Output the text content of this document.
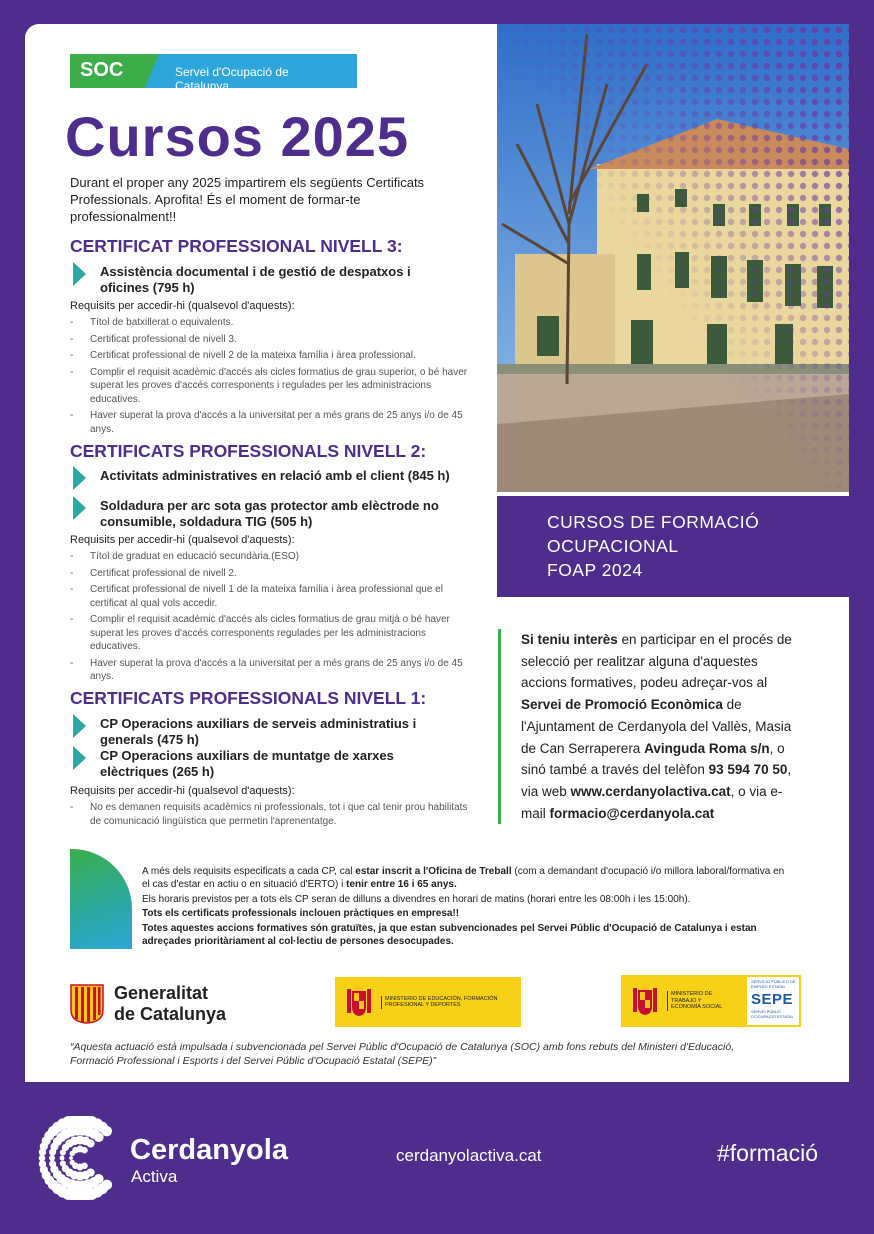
SOC	Servei d'Ocupació de Catalunya
Cursos 2025
Durant el proper any 2025 impartirem els següents Certificats Professionals. Aprofita! És el moment de formar-te professionalment!!
CERTIFICAT PROFESSIONAL NIVELL 3:
Assistència documental i de gestió de despatxos i oficines (795 h)
Requisits per accedir-hi (qualsevol d'aquests):
- Títol de batxillerat o equivalents.
- Certificat professional de nivell 3.
- Certificat professional de nivell 2 de la mateixa família i àrea professional.
- Complir el requisit acadèmic d'accés als cicles formatius de grau superior, o bé haver superat les proves d'accés corresponents i regulades per les administracions educatives.
- Haver superat la prova d'accés a la universitat per a més grans de 25 anys i/o de 45 anys.
CERTIFICATS PROFESSIONALS NIVELL 2:
Activitats administratives en relació amb el client (845 h)
Soldadura per arc sota gas protector amb elèctrode no consumible, soldadura TIG (505 h)
Requisits per accedir-hi (qualsevol d'aquests):
- Títol de graduat en educació secundària.(ESO)
- Certificat professional de nivell 2.
- Certificat professional de nivell 1 de la mateixa família i àrea professional que el certificat al qual vols accedir.
- Complir el requisit acadèmic d'accés als cicles formatius de grau mitjà o bé haver superat les proves d'accés corresponents regulades per les administracions educatives.
- Haver superat la prova d'accés a la universitat per a més grans de 25 anys i/o de 45 anys.
CERTIFICATS PROFESSIONALS NIVELL 1:
CP Operacions auxiliars de serveis administratius i generals (475 h)
CP Operacions auxiliars de muntatge de xarxes elèctriques (265 h)
Requisits per accedir-hi (qualsevol d'aquests):
- No es demanen requisits acadèmics ni professionals, tot i que cal tenir prou habilitats de comunicació lingüística que permetin l'aprenentatge.
CURSOS DE FORMACIÓ
OCUPACIONAL
FOAP 2024
Si teniu interès en participar en el procés de selecció per realitzar alguna d'aquestes accions formatives, podeu adreçar-vos al Servei de Promoció Econòmica de l'Ajuntament de Cerdanyola del Vallès, Masia de Can Serraperera Avinguda Roma s/n, o sinó també a través del telèfon 93 594 70 50, via web www.cerdanyolactiva.cat, o via e-mail formacio@cerdanyola.cat

A més dels requisits especificats a cada CP, cal estar inscrit a l'Oficina de Treball (com a demandant d'ocupació i/o millora laboral/formativa en el cas d'estar en actiu o en situació d'ERTO) i tenir entre 16 i 65 anys.

Els horaris previstos per a tots els CP seran de dilluns a divendres en horari de matins (horari entre les 08:00h i les 15:00h).

Tots els certificats professionals inclouen pràctiques en empresa!!

Totes aquestes accions formatives són gratuïtes, ja que estan subvencionades pel Servei Públic d'Ocupació de Catalunya i estan adreçades prioritàriament al col·lectiu de persones desocupades.

Generalitat
de Catalunya
MINISTERIO DE EDUCACIÓN, FORMACIÓN PROFESIONAL Y DEPORTES
MINISTERIO DE TRABAJO Y ECONOMÍA SOCIAL
SERVICIO PÚBLICO DE EMPLEO ESTATAL
SEPE
SERVEI PÚBLIC D'OCUPACIÓ ESTATAL
“Aquesta actuació està impulsada i subvencionada pel Servei Públic d'Ocupació de Catalunya (SOC) amb fons rebuts del Ministeri d'Educació, Formació Professional i Esports i del Servei Públic d'Ocupació Estatal (SEPE)”
Cerdanyola
Activa
cerdanyolactiva.cat	#formació
